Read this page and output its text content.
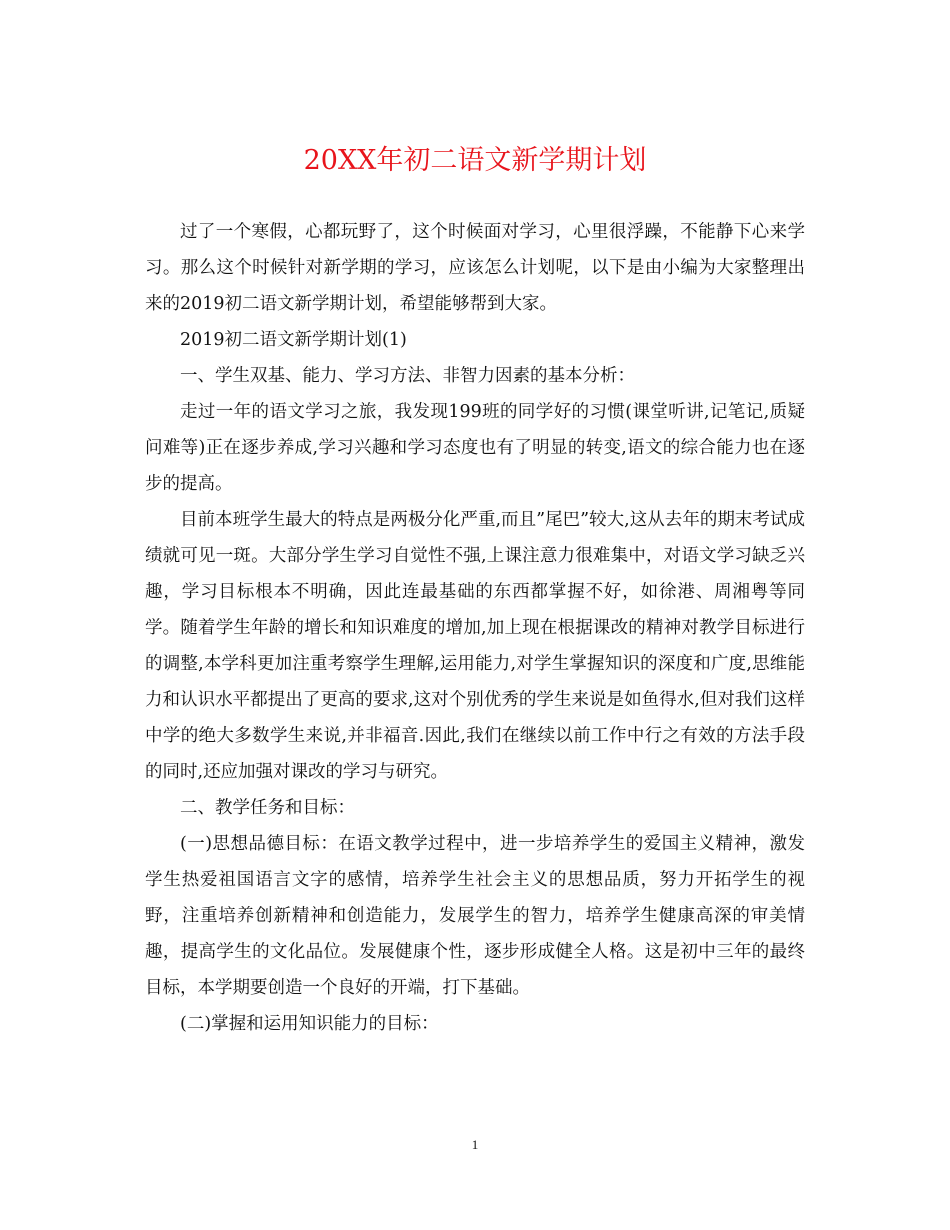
20XX年初二语文新学期计划

过了一个寒假，心都玩野了，这个时候面对学习，心里很浮躁，不能静下心来学习。那么这个时候针对新学期的学习，应该怎么计划呢，以下是由小编为大家整理出来的2019初二语文新学期计划，希望能够帮到大家。

2019初二语文新学期计划(1)

一、学生双基、能力、学习方法、非智力因素的基本分析：

走过一年的语文学习之旅，我发现199班的同学好的习惯(课堂听讲,记笔记,质疑问难等)正在逐步养成,学习兴趣和学习态度也有了明显的转变,语文的综合能力也在逐步的提高。

目前本班学生最大的特点是两极分化严重,而且”尾巴”较大,这从去年的期末考试成绩就可见一斑。大部分学生学习自觉性不强,上课注意力很难集中，对语文学习缺乏兴趣，学习目标根本不明确，因此连最基础的东西都掌握不好，如徐港、周湘粤等同学。随着学生年龄的增长和知识难度的增加,加上现在根据课改的精神对教学目标进行的调整,本学科更加注重考察学生理解,运用能力,对学生掌握知识的深度和广度,思维能力和认识水平都提出了更高的要求,这对个别优秀的学生来说是如鱼得水,但对我们这样中学的绝大多数学生来说,并非福音.因此,我们在继续以前工作中行之有效的方法手段的同时,还应加强对课改的学习与研究。

二、教学任务和目标：

(一)思想品德目标：在语文教学过程中，进一步培养学生的爱国主义精神，激发学生热爱祖国语言文字的感情，培养学生社会主义的思想品质，努力开拓学生的视野，注重培养创新精神和创造能力，发展学生的智力，培养学生健康高深的审美情趣，提高学生的文化品位。发展健康个性，逐步形成健全人格。这是初中三年的最终目标，本学期要创造一个良好的开端，打下基础。

(二)掌握和运用知识能力的目标：

1
